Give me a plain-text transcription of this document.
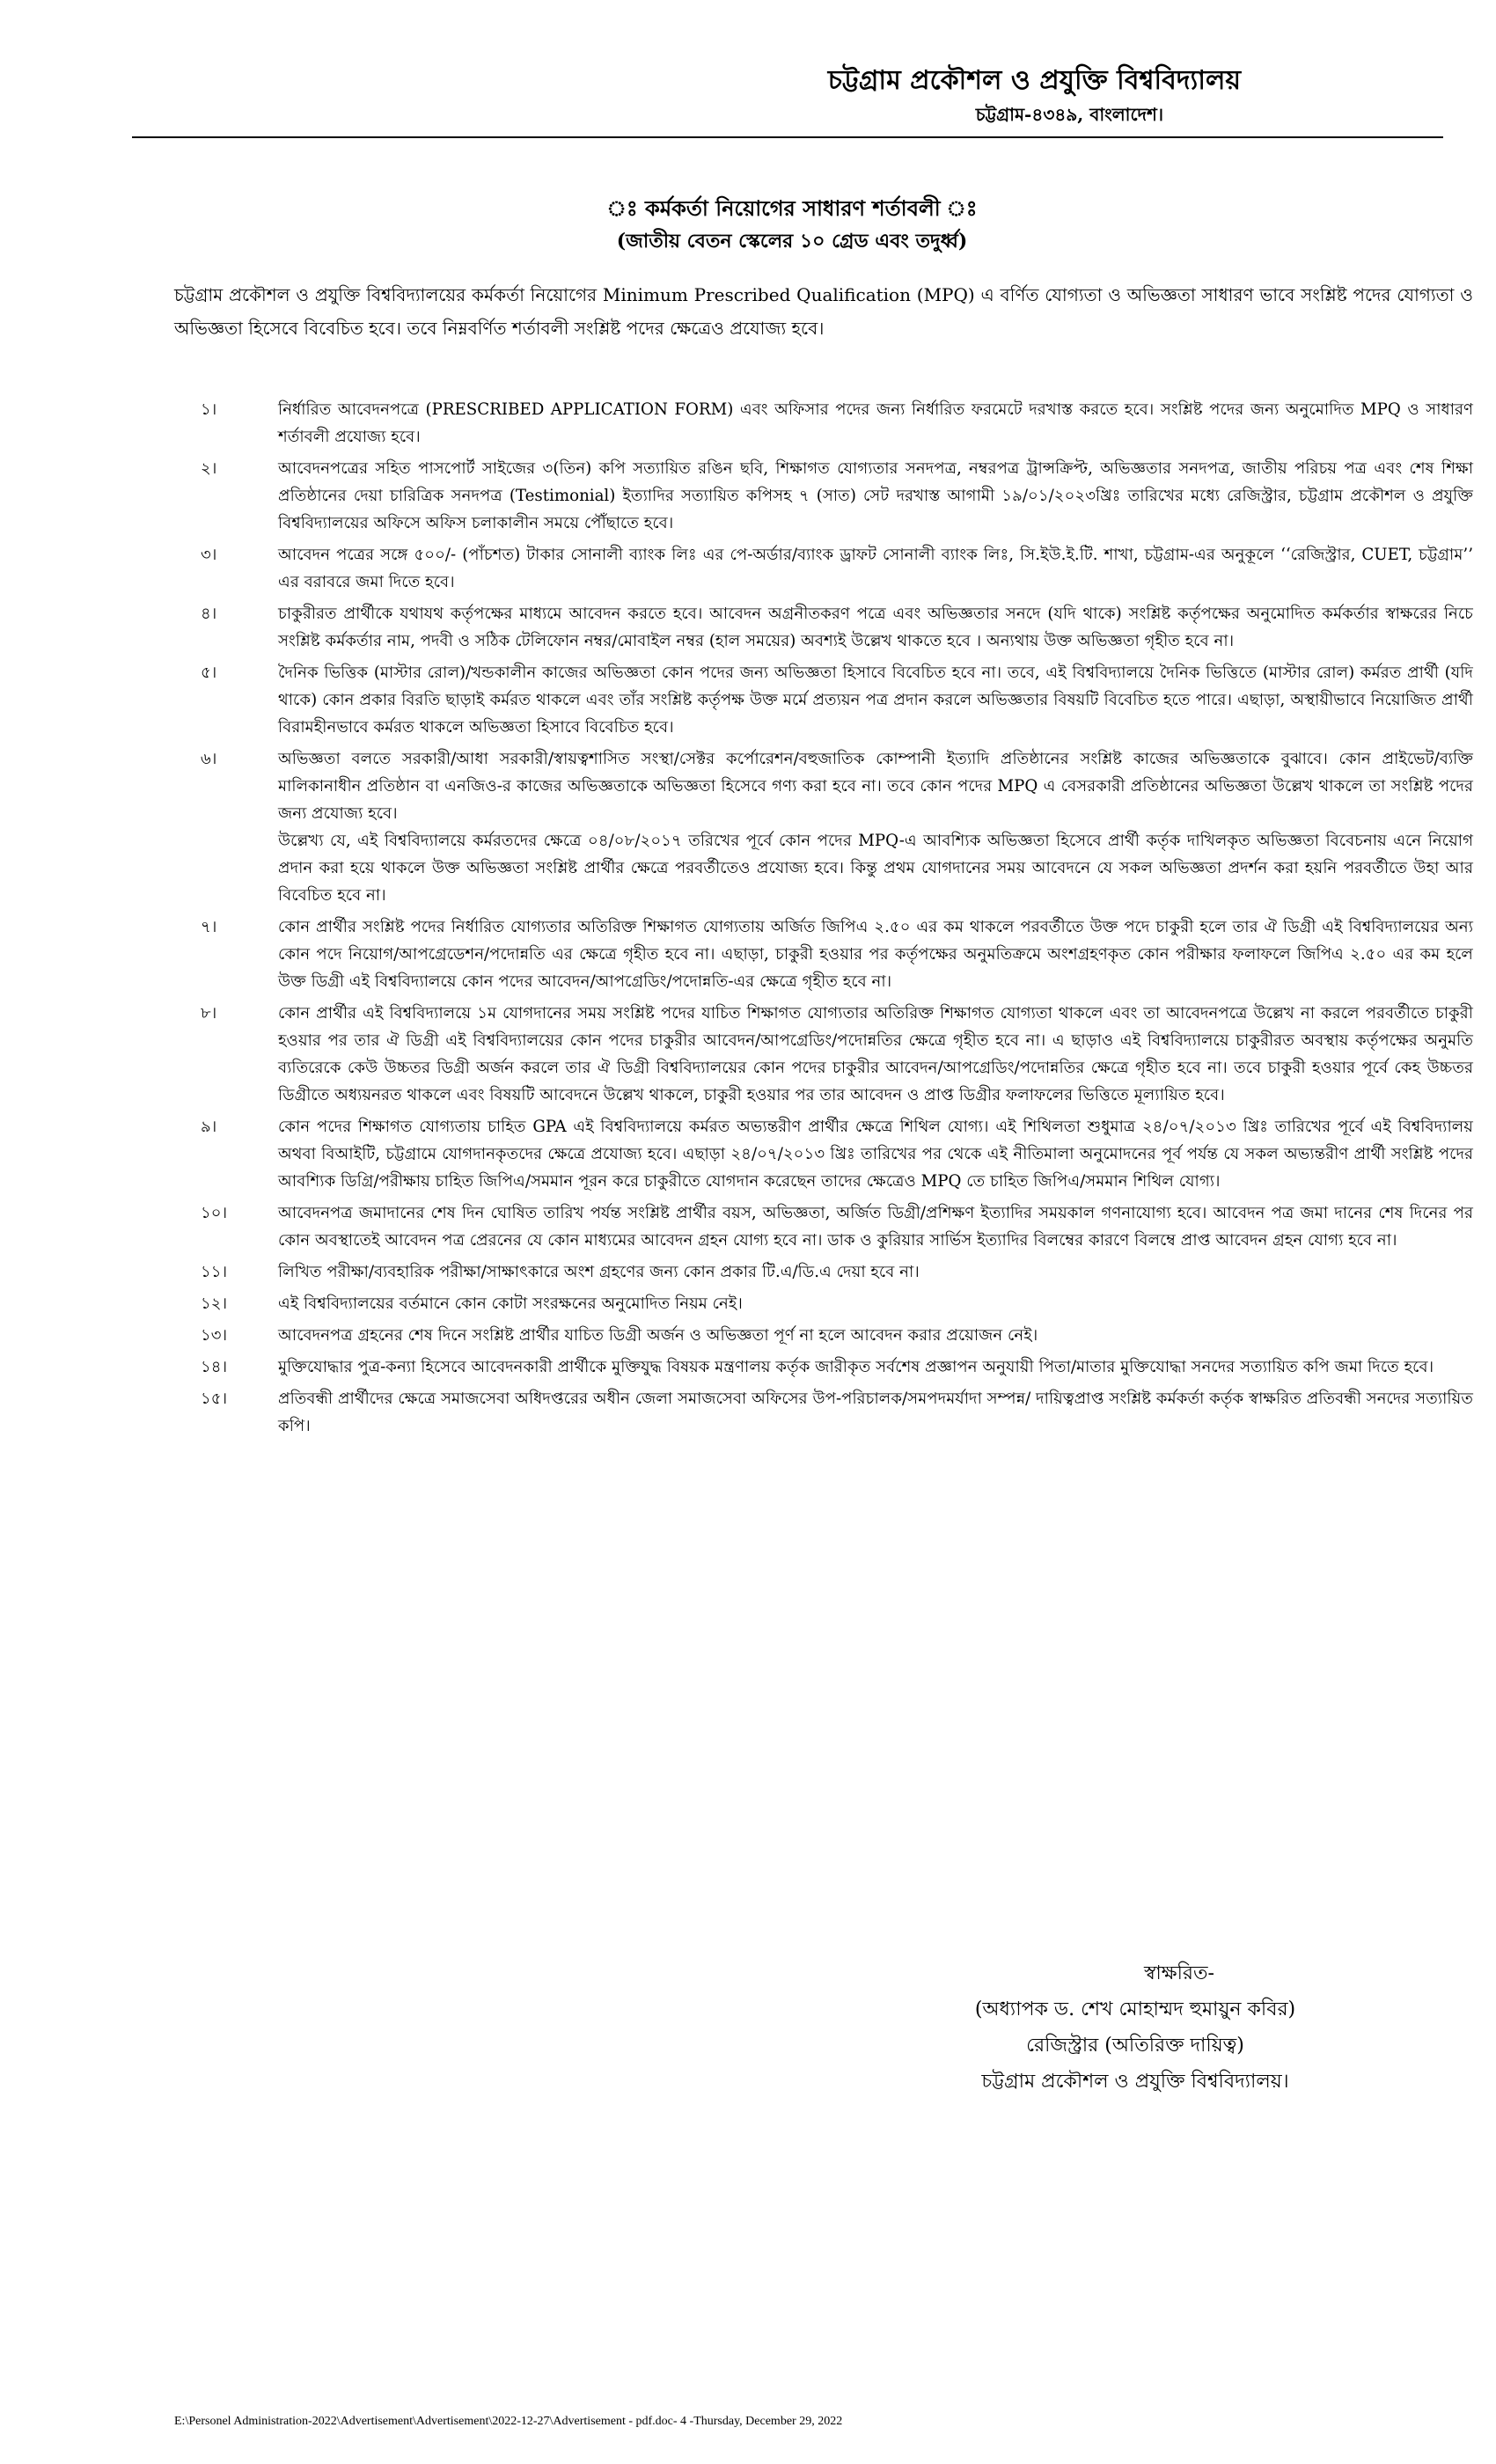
চট্টগ্রাম প্রকৌশল ও প্রযুক্তি বিশ্ববিদ্যালয়
চট্টগ্রাম-৪৩৪৯, বাংলাদেশ।
ঃ কর্মকর্তা নিয়োগের সাধারণ শর্তাবলী ঃ
(জাতীয় বেতন স্কেলের ১০ গ্রেড এবং তদুর্ধ্ব)
চট্টগ্রাম প্রকৌশল ও প্রযুক্তি বিশ্ববিদ্যালয়ের কর্মকর্তা নিয়োগের Minimum Prescribed Qualification (MPQ) এ বর্ণিত যোগ্যতা ও অভিজ্ঞতা সাধারণ ভাবে সংশ্লিষ্ট পদের যোগ্যতা ও অভিজ্ঞতা হিসেবে বিবেচিত হবে। তবে নিম্নবর্ণিত শর্তাবলী সংশ্লিষ্ট পদের ক্ষেত্রেও প্রযোজ্য হবে।
১।	নির্ধারিত আবেদনপত্রে (PRESCRIBED APPLICATION FORM) এবং অফিসার পদের জন্য নির্ধারিত ফরমেটে দরখাস্ত করতে হবে। সংশ্লিষ্ট পদের জন্য অনুমোদিত MPQ ও সাধারণ শর্তাবলী প্রযোজ্য হবে।

২।	আবেদনপত্রের সহিত পাসপোর্ট সাইজের ৩(তিন) কপি সত্যায়িত রঙিন ছবি, শিক্ষাগত যোগ্যতার সনদপত্র, নম্বরপত্র ট্রান্সক্রিপ্ট, অভিজ্ঞতার সনদপত্র, জাতীয় পরিচয় পত্র এবং শেষ শিক্ষা প্রতিষ্ঠানের দেয়া চারিত্রিক সনদপত্র (Testimonial) ইত্যাদির সত্যায়িত কপিসহ ৭ (সাত) সেট দরখাস্ত আগামী ১৯/০১/২০২৩খ্রিঃ তারিখের মধ্যে রেজিস্ট্রার, চট্টগ্রাম প্রকৌশল ও প্রযুক্তি বিশ্ববিদ্যালয়ের অফিসে অফিস চলাকালীন সময়ে পৌঁছাতে হবে।

৩।	আবেদন পত্রের সঙ্গে ৫০০/- (পাঁচশত) টাকার সোনালী ব্যাংক লিঃ এর পে-অর্ডার/ব্যাংক ড্রাফট সোনালী ব্যাংক লিঃ, সি.ইউ.ই.টি. শাখা, চট্টগ্রাম-এর অনুকূলে ‘‘রেজিস্ট্রার, CUET, চট্টগ্রাম’’ এর বরাবরে জমা দিতে হবে।

৪।	চাকুরীরত প্রার্থীকে যথাযথ কর্তৃপক্ষের মাধ্যমে আবেদন করতে হবে। আবেদন অগ্রনীতকরণ পত্রে এবং অভিজ্ঞতার সনদে (যদি থাকে) সংশ্লিষ্ট কর্তৃপক্ষের অনুমোদিত কর্মকর্তার স্বাক্ষরের নিচে সংশ্লিষ্ট কর্মকর্তার নাম, পদবী ও সঠিক টেলিফোন নম্বর/মোবাইল নম্বর (হাল সময়ের) অবশ্যই উল্লেখ থাকতে হবে । অন্যথায় উক্ত অভিজ্ঞতা গৃহীত হবে না।

৫।	দৈনিক ভিত্তিক (মাস্টার রোল)/খন্ডকালীন কাজের অভিজ্ঞতা কোন পদের জন্য অভিজ্ঞতা হিসাবে বিবেচিত হবে না। তবে, এই বিশ্ববিদ্যালয়ে দৈনিক ভিত্তিতে (মাস্টার রোল) কর্মরত প্রার্থী (যদি থাকে) কোন প্রকার বিরতি ছাড়াই কর্মরত থাকলে এবং তাঁর সংশ্লিষ্ট কর্তৃপক্ষ উক্ত মর্মে প্রত্যয়ন পত্র প্রদান করলে অভিজ্ঞতার বিষয়টি বিবেচিত হতে পারে। এছাড়া, অস্থায়ীভাবে নিয়োজিত প্রার্থী বিরামহীনভাবে কর্মরত থাকলে অভিজ্ঞতা হিসাবে বিবেচিত হবে।

৬।	অভিজ্ঞতা বলতে সরকারী/আধা সরকারী/স্বায়ত্বশাসিত সংস্থা/সেক্টর কর্পোরেশন/বহুজাতিক কোম্পানী ইত্যাদি প্রতিষ্ঠানের সংশ্লিষ্ট কাজের অভিজ্ঞতাকে বুঝাবে। কোন প্রাইভেট/ব্যক্তি মালিকানাধীন প্রতিষ্ঠান বা এনজিও-র কাজের অভিজ্ঞতাকে অভিজ্ঞতা হিসেবে গণ্য করা হবে না। তবে কোন পদের MPQ এ বেসরকারী প্রতিষ্ঠানের অভিজ্ঞতা উল্লেখ থাকলে তা সংশ্লিষ্ট পদের জন্য প্রযোজ্য হবে।

উল্লেখ্য যে, এই বিশ্ববিদ্যালয়ে কর্মরতদের ক্ষেত্রে ০৪/০৮/২০১৭ তরিখের পূর্বে কোন পদের MPQ-এ আবশ্যিক অভিজ্ঞতা হিসেবে প্রার্থী কর্তৃক দাখিলকৃত অভিজ্ঞতা বিবেচনায় এনে নিয়োগ প্রদান করা হয়ে থাকলে উক্ত অভিজ্ঞতা সংশ্লিষ্ট প্রার্থীর ক্ষেত্রে পরবর্তীতেও প্রযোজ্য হবে। কিন্তু প্রথম যোগদানের সময় আবেদনে যে সকল অভিজ্ঞতা প্রদর্শন করা হয়নি পরবর্তীতে উহা আর বিবেচিত হবে না।

৭।	কোন প্রার্থীর সংশ্লিষ্ট পদের নির্ধারিত যোগ্যতার অতিরিক্ত শিক্ষাগত যোগ্যতায় অর্জিত জিপিএ ২.৫০ এর কম থাকলে পরবর্তীতে উক্ত পদে চাকুরী হলে তার ঐ ডিগ্রী এই বিশ্ববিদ্যালয়ের অন্য কোন পদে নিয়োগ/আপগ্রেডেশন/পদোন্নতি এর ক্ষেত্রে গৃহীত হবে না। এছাড়া, চাকুরী হওয়ার পর কর্তৃপক্ষের অনুমতিক্রমে অংশগ্রহণকৃত কোন পরীক্ষার ফলাফলে জিপিএ ২.৫০ এর কম হলে উক্ত ডিগ্রী এই বিশ্ববিদ্যালয়ে কোন পদের আবেদন/আপগ্রেডিং/পদোন্নতি-এর ক্ষেত্রে গৃহীত হবে না।

৮।	কোন প্রার্থীর এই বিশ্ববিদ্যালয়ে ১ম যোগদানের সময় সংশ্লিষ্ট পদের যাচিত শিক্ষাগত যোগ্যতার অতিরিক্ত শিক্ষাগত যোগ্যতা থাকলে এবং তা আবেদনপত্রে উল্লেখ না করলে পরবর্তীতে চাকুরী হওয়ার পর তার ঐ ডিগ্রী এই বিশ্ববিদ্যালয়ের কোন পদের চাকুরীর আবেদন/আপগ্রেডিং/পদোন্নতির ক্ষেত্রে গৃহীত হবে না। এ ছাড়াও এই বিশ্ববিদ্যালয়ে চাকুরীরত অবস্থায় কর্তৃপক্ষের অনুমতি ব্যতিরেকে কেউ উচ্চতর ডিগ্রী অর্জন করলে তার ঐ ডিগ্রী বিশ্ববিদ্যালয়ের কোন পদের চাকুরীর আবেদন/আপগ্রেডিং/পদোন্নতির ক্ষেত্রে গৃহীত হবে না। তবে চাকুরী হওয়ার পূর্বে কেহ উচ্চতর ডিগ্রীতে অধ্যয়নরত থাকলে এবং বিষয়টি আবেদনে উল্লেখ থাকলে, চাকুরী হওয়ার পর তার আবেদন ও প্রাপ্ত ডিগ্রীর ফলাফলের ভিত্তিতে মূল্যায়িত হবে।

৯।	কোন পদের শিক্ষাগত যোগ্যতায় চাহিত GPA এই বিশ্ববিদ্যালয়ে কর্মরত অভ্যন্তরীণ প্রার্থীর ক্ষেত্রে শিথিল যোগ্য। এই শিথিলতা শুধুমাত্র ২৪/০৭/২০১৩ খ্রিঃ তারিখের পূর্বে এই বিশ্ববিদ্যালয় অথবা বিআইটি, চট্টগ্রামে যোগদানকৃতদের ক্ষেত্রে প্রযোজ্য হবে। এছাড়া ২৪/০৭/২০১৩ খ্রিঃ তারিখের পর থেকে এই নীতিমালা অনুমোদনের পূর্ব পর্যন্ত যে সকল অভ্যন্তরীণ প্রার্থী সংশ্লিষ্ট পদের আবশ্যিক ডিগ্রি/পরীক্ষায় চাহিত জিপিএ/সমমান পূরন করে চাকুরীতে যোগদান করেছেন তাদের ক্ষেত্রেও MPQ তে চাহিত জিপিএ/সমমান শিথিল যোগ্য।

১০।	আবেদনপত্র জমাদানের শেষ দিন ঘোষিত তারিখ পর্যন্ত সংশ্লিষ্ট প্রার্থীর বয়স, অভিজ্ঞতা, অর্জিত ডিগ্রী/প্রশিক্ষণ ইত্যাদির সময়কাল গণনাযোগ্য হবে। আবেদন পত্র জমা দানের শেষ দিনের পর কোন অবস্থাতেই আবেদন পত্র প্রেরনের যে কোন মাধ্যমের আবেদন গ্রহন যোগ্য হবে না। ডাক ও কুরিয়ার সার্ভিস ইত্যাদির বিলম্বের কারণে বিলম্বে প্রাপ্ত আবেদন গ্রহন যোগ্য হবে না।

১১।	লিখিত পরীক্ষা/ব্যবহারিক পরীক্ষা/সাক্ষাৎকারে অংশ গ্রহণের জন্য কোন প্রকার টি.এ/ডি.এ দেয়া হবে না।

১২।	এই বিশ্ববিদ্যালয়ের বর্তমানে কোন কোটা সংরক্ষনের অনুমোদিত নিয়ম নেই।

১৩।	আবেদনপত্র গ্রহনের শেষ দিনে সংশ্লিষ্ট প্রার্থীর যাচিত ডিগ্রী অর্জন ও অভিজ্ঞতা পূর্ণ না হলে আবেদন করার প্রয়োজন নেই।

১৪।	মুক্তিযোদ্ধার পুত্র-কন্যা হিসেবে আবেদনকারী প্রার্থীকে মুক্তিযুদ্ধ বিষয়ক মন্ত্রণালয় কর্তৃক জারীকৃত সর্বশেষ প্রজ্ঞাপন অনুযায়ী পিতা/মাতার মুক্তিযোদ্ধা সনদের সত্যায়িত কপি জমা দিতে হবে।

১৫।	প্রতিবন্ধী প্রার্থীদের ক্ষেত্রে সমাজসেবা অধিদপ্তরের অধীন জেলা সমাজসেবা অফিসের উপ-পরিচালক/সমপদমর্যাদা সম্পন্ন/ দায়িত্বপ্রাপ্ত সংশ্লিষ্ট কর্মকর্তা কর্তৃক স্বাক্ষরিত প্রতিবন্ধী সনদের সত্যায়িত কপি।

স্বাক্ষরিত-
(অধ্যাপক ড. শেখ মোহাম্মদ হুমায়ুন কবির)
রেজিস্ট্রার (অতিরিক্ত দায়িত্ব)
চট্টগ্রাম প্রকৌশল ও প্রযুক্তি বিশ্ববিদ্যালয়।
E:\Personel Administration-2022\Advertisement\Advertisement\2022-12-27\Advertisement - pdf.doc- 4 -Thursday, December 29, 2022
